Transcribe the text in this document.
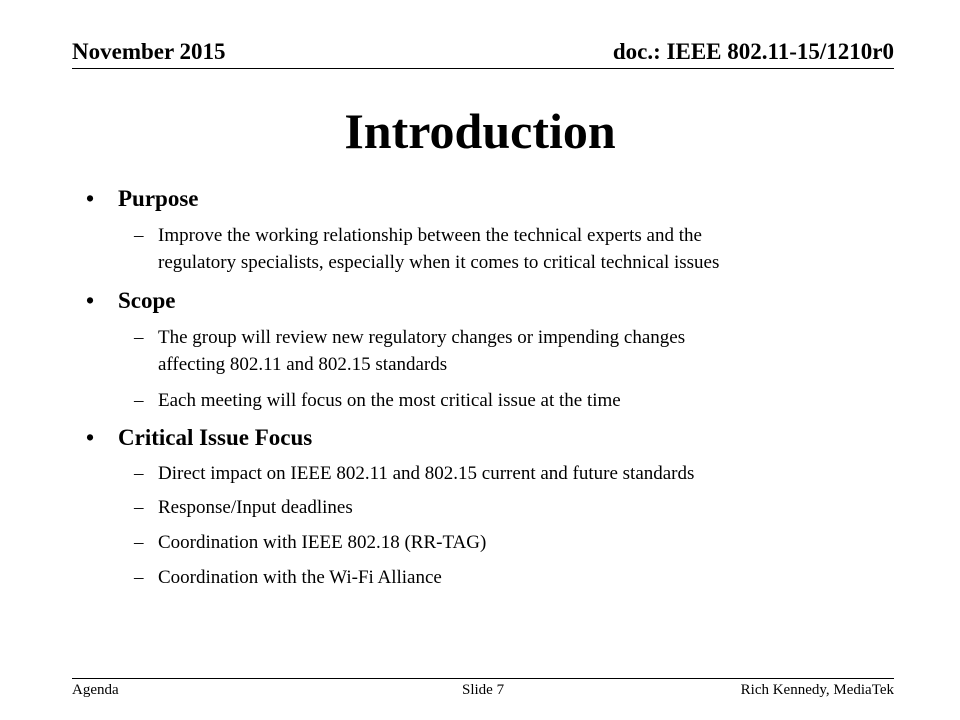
November 2015	doc.: IEEE 802.11-15/1210r0
Introduction
• Purpose
– Improve the working relationship between the technical experts and the
regulatory specialists, especially when it comes to critical technical issues
• Scope
– The group will review new regulatory changes or impending changes
affecting 802.11 and 802.15 standards
– Each meeting will focus on the most critical issue at the time
• Critical Issue Focus
– Direct impact on IEEE 802.11 and 802.15 current and future standards
– Response/Input deadlines
– Coordination with IEEE 802.18 (RR-TAG)
– Coordination with the Wi-Fi Alliance
Agenda	Slide 7	Rich Kennedy, MediaTek
